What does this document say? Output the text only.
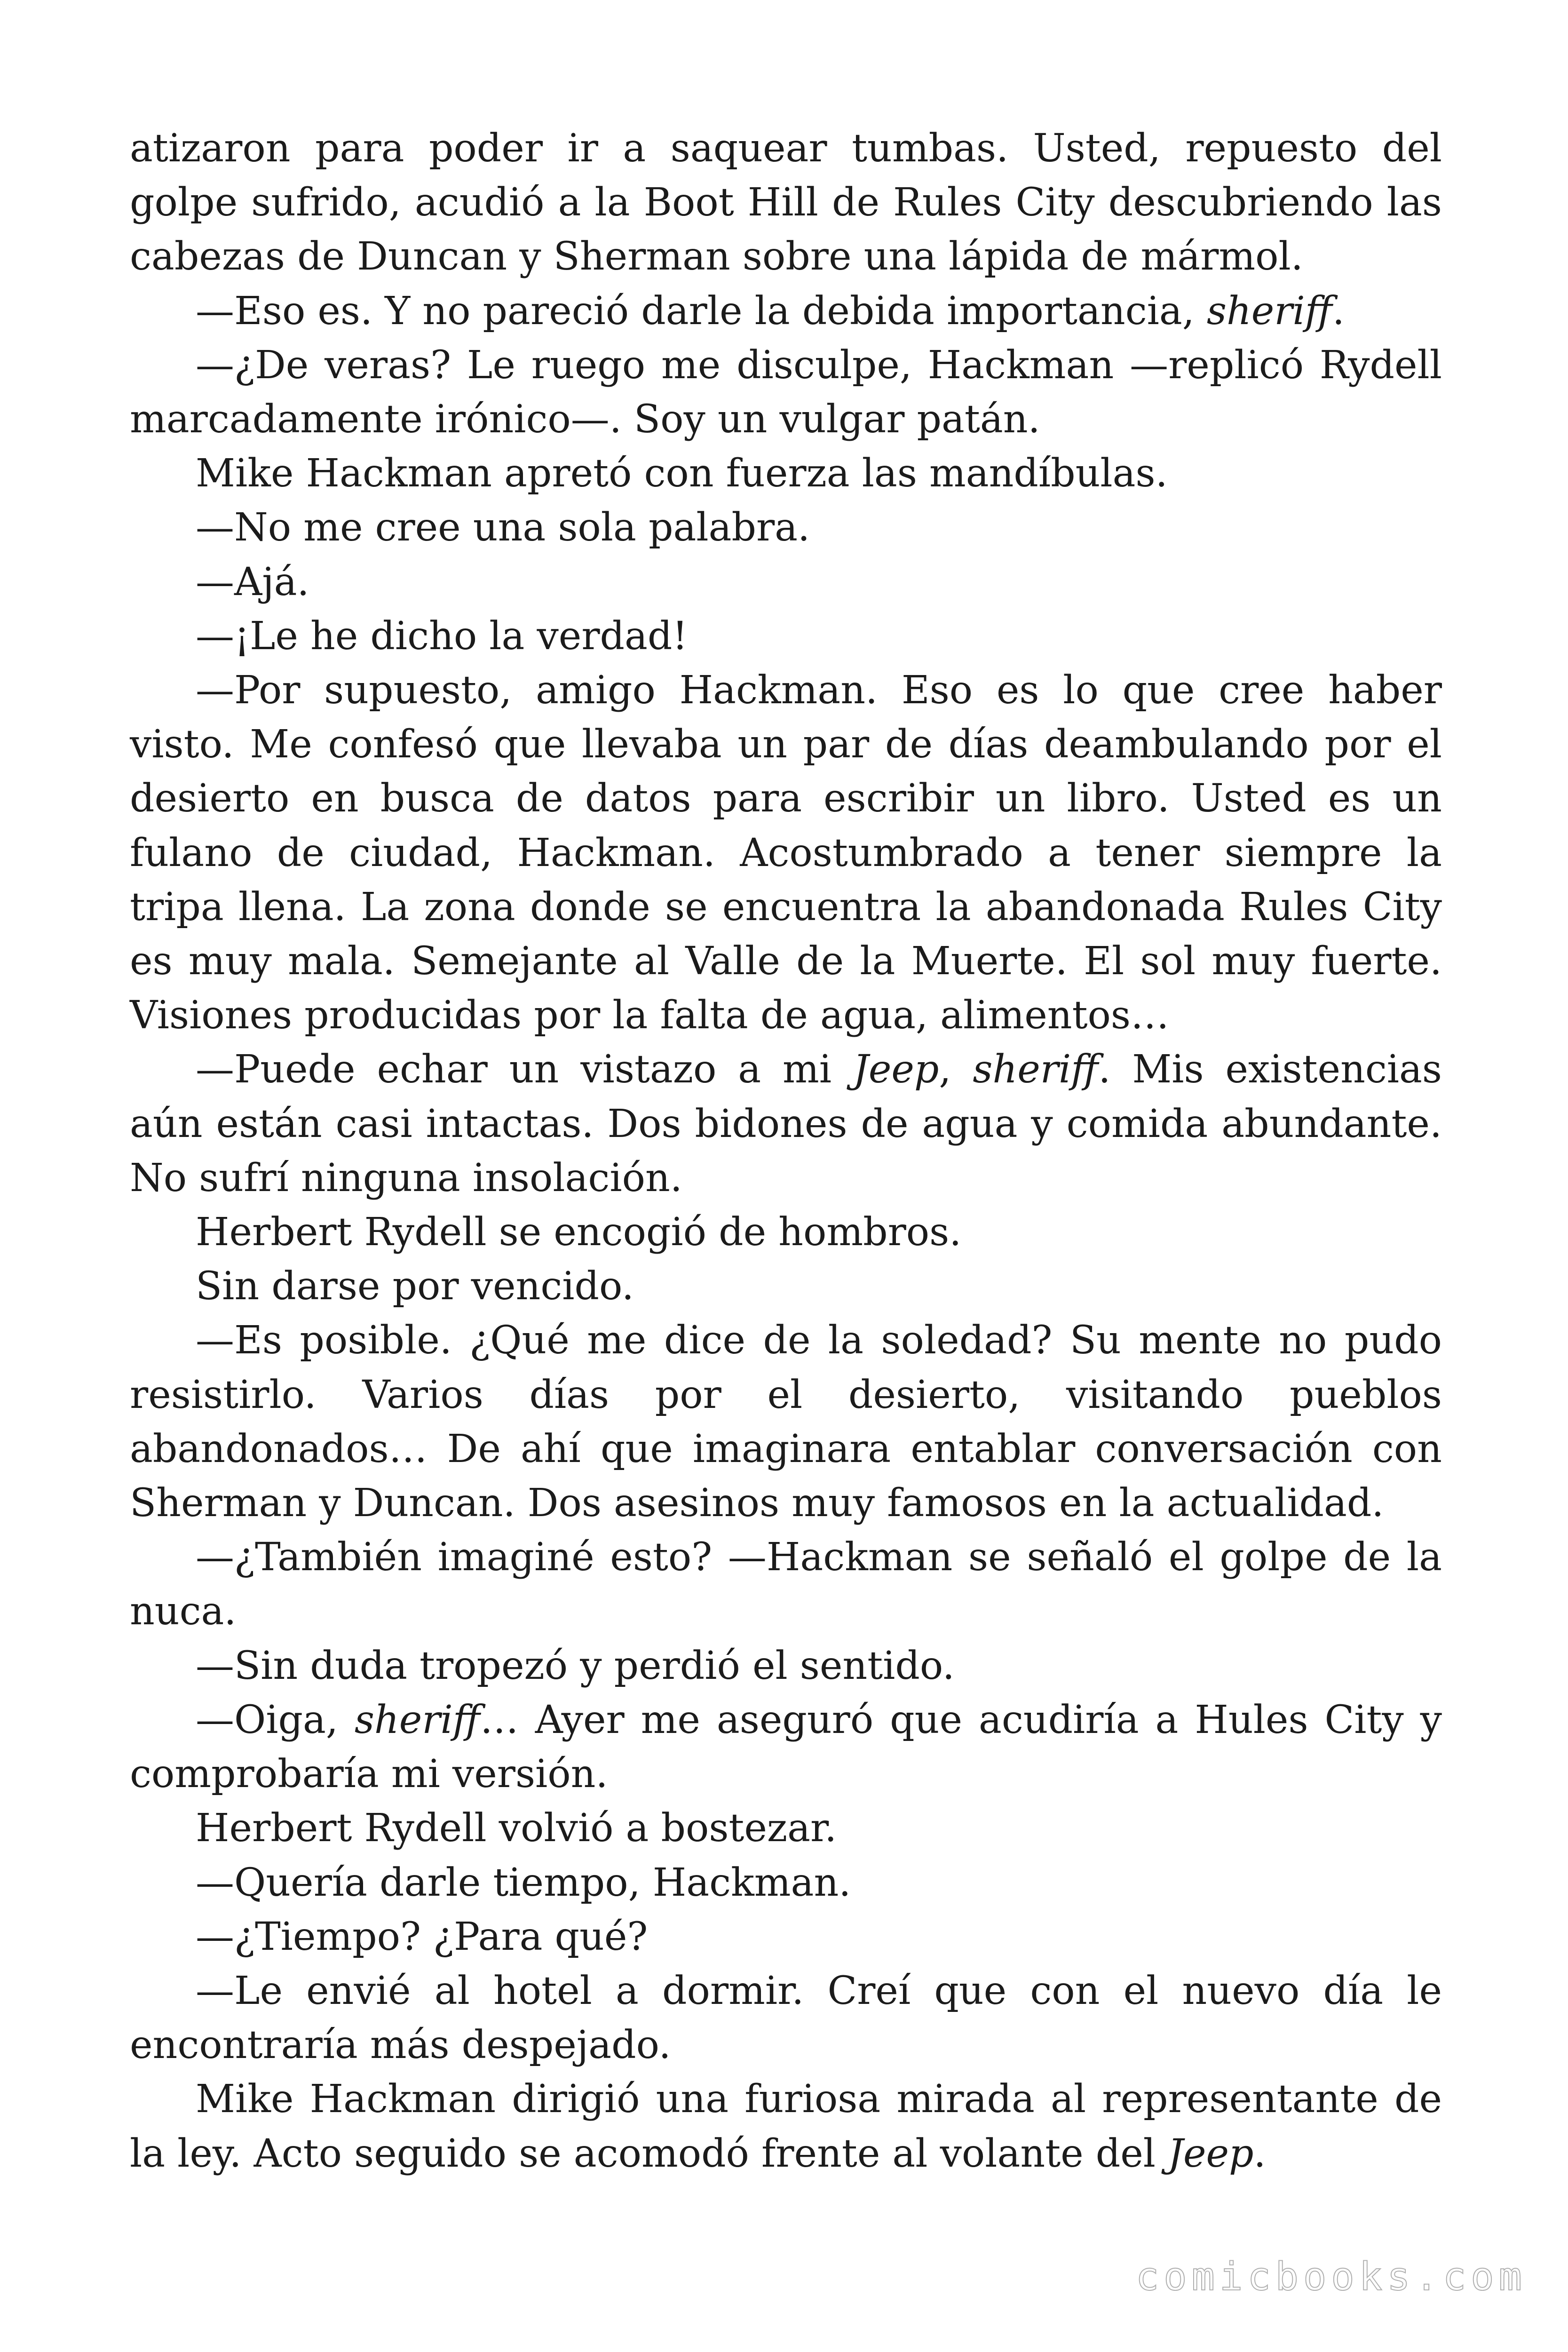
atizaron para poder ir a saquear tumbas. Usted, repuesto del golpe sufrido, acudió a la Boot Hill de Rules City descubriendo las cabezas de Duncan y Sherman sobre una lápida de mármol.

—Eso es. Y no pareció darle la debida importancia, sheriff.

—¿De veras? Le ruego me disculpe, Hackman —replicó Rydell marcadamente irónico—. Soy un vulgar patán.

Mike Hackman apretó con fuerza las mandíbulas.

—No me cree una sola palabra.

—Ajá.

—¡Le he dicho la verdad!

—Por supuesto, amigo Hackman. Eso es lo que cree haber visto. Me confesó que llevaba un par de días deambulando por el desierto en busca de datos para escribir un libro. Usted es un fulano de ciudad, Hackman. Acostumbrado a tener siempre la tripa llena. La zona donde se encuentra la abandonada Rules City es muy mala. Semejante al Valle de la Muerte. El sol muy fuerte. Visiones producidas por la falta de agua, alimentos…

—Puede echar un vistazo a mi Jeep, sheriff. Mis existencias aún están casi intactas. Dos bidones de agua y comida abundante. No sufrí ninguna insolación.

Herbert Rydell se encogió de hombros.

Sin darse por vencido.

—Es posible. ¿Qué me dice de la soledad? Su mente no pudo resistirlo. Varios días por el desierto, visitando pueblos abandonados… De ahí que imaginara entablar conversación con Sherman y Duncan. Dos asesinos muy famosos en la actualidad.

—¿También imaginé esto? —Hackman se señaló el golpe de la nuca.

—Sin duda tropezó y perdió el sentido.

—Oiga, sheriff… Ayer me aseguró que acudiría a Hules City y comprobaría mi versión.

Herbert Rydell volvió a bostezar.

—Quería darle tiempo, Hackman.

—¿Tiempo? ¿Para qué?

—Le envié al hotel a dormir. Creí que con el nuevo día le encontraría más despejado.

Mike Hackman dirigió una furiosa mirada al representante de la ley. Acto seguido se acomodó frente al volante del Jeep.

comicbooks.com
